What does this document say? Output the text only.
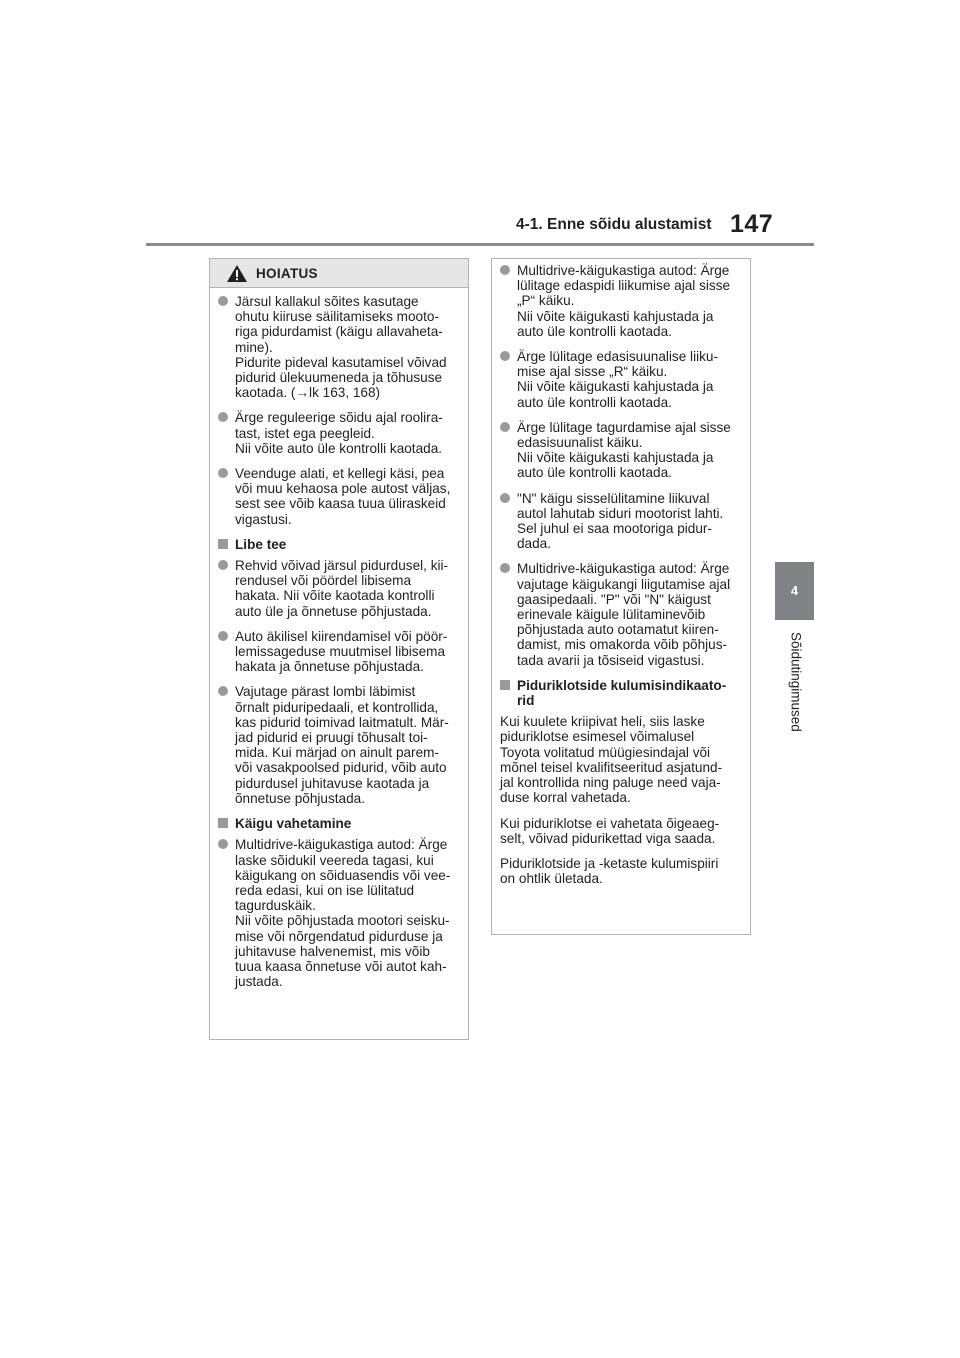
4-1. Enne sõidu alustamist 147
4
Sõidutingimused
HOIATUS
Järsul kallakul sõites kasutage
ohutu kiiruse säilitamiseks mooto-
riga pidurdamist (käigu allavaheta-
mine).
Pidurite pideval kasutamisel võivad
pidurid ülekuumeneda ja tõhususe
kaotada. (→lk 163, 168)
Ärge reguleerige sõidu ajal roolira-
tast, istet ega peegleid.
Nii võite auto üle kontrolli kaotada.
Veenduge alati, et kellegi käsi, pea
või muu kehaosa pole autost väljas,
sest see võib kaasa tuua üliraskeid
vigastusi.
Libe tee
Rehvid võivad järsul pidurdusel, kii-
rendusel või pöördel libisema
hakata. Nii võite kaotada kontrolli
auto üle ja õnnetuse põhjustada.
Auto äkilisel kiirendamisel või pöör-
lemissageduse muutmisel libisema
hakata ja õnnetuse põhjustada.
Vajutage pärast lombi läbimist
õrnalt piduripedaali, et kontrollida,
kas pidurid toimivad laitmatult. Mär-
jad pidurid ei pruugi tõhusalt toi-
mida. Kui märjad on ainult parem-
või vasakpoolsed pidurid, võib auto
pidurdusel juhitavuse kaotada ja
õnnetuse põhjustada.
Käigu vahetamine
Multidrive-käigukastiga autod: Ärge
laske sõidukil veereda tagasi, kui
käigukang on sõiduasendis või vee-
reda edasi, kui on ise lülitatud
tagurduskäik.
Nii võite põhjustada mootori seisku-
mise või nõrgendatud pidurduse ja
juhitavuse halvenemist, mis võib
tuua kaasa õnnetuse või autot kah-
justada.
Multidrive-käigukastiga autod: Ärge
lülitage edaspidi liikumise ajal sisse
„P“ käiku.
Nii võite käigukasti kahjustada ja
auto üle kontrolli kaotada.
Ärge lülitage edasisuunalise liiku-
mise ajal sisse „R“ käiku.
Nii võite käigukasti kahjustada ja
auto üle kontrolli kaotada.
Ärge lülitage tagurdamise ajal sisse
edasisuunalist käiku.
Nii võite käigukasti kahjustada ja
auto üle kontrolli kaotada.
"N" käigu sisselülitamine liikuval
autol lahutab siduri mootorist lahti.
Sel juhul ei saa mootoriga pidur-
dada.
Multidrive-käigukastiga autod: Ärge
vajutage käigukangi liigutamise ajal
gaasipedaali. "P" või "N" käigust
erinevale käigule lülitaminevõib
põhjustada auto ootamatut kiiren-
damist, mis omakorda võib põhjus-
tada avarii ja tõsiseid vigastusi.
Piduriklotside kulumisindikaato-
rid
Kui kuulete kriipivat heli, siis laske
piduriklotse esimesel võimalusel
Toyota volitatud müügiesindajal või
mõnel teisel kvalifitseeritud asjatund-
jal kontrollida ning paluge need vaja-
duse korral vahetada.
Kui piduriklotse ei vahetata õigeaeg-
selt, võivad pidurikettad viga saada.
Piduriklotside ja -ketaste kulumispiiri
on ohtlik ületada.
